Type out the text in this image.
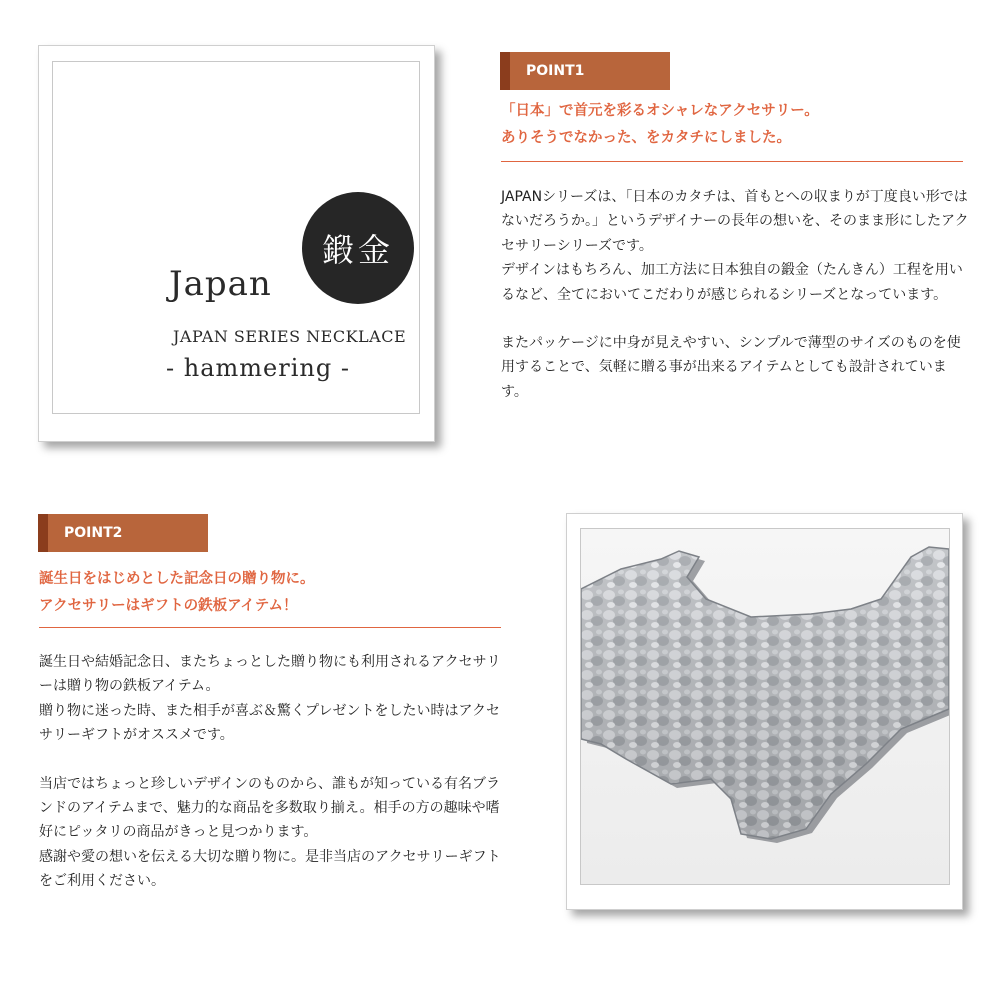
鍛金
Japan
JAPAN SERIES NECKLACE
- hammering -
POINT1
「日本」で首元を彩るオシャレなアクセサリー。
ありそうでなかった、をカタチにしました。

JAPANシリーズは、「日本のカタチは、首もとへの収まりが丁度良い形ではないだろうか。」というデザイナーの長年の想いを、そのまま形にしたアクセサリーシリーズです。
デザインはもちろん、加工方法に日本独自の鍛金（たんきん）工程を用いるなど、全てにおいてこだわりが感じられるシリーズとなっています。

またパッケージに中身が見えやすい、シンプルで薄型のサイズのものを使用することで、気軽に贈る事が出来るアイテムとしても設計されています。

POINT2
誕生日をはじめとした記念日の贈り物に。
アクセサリーはギフトの鉄板アイテム！

誕生日や結婚記念日、またちょっとした贈り物にも利用されるアクセサリーは贈り物の鉄板アイテム。
贈り物に迷った時、また相手が喜ぶ＆驚くプレゼントをしたい時はアクセサリーギフトがオススメです。

当店ではちょっと珍しいデザインのものから、誰もが知っている有名ブランドのアイテムまで、魅力的な商品を多数取り揃え。相手の方の趣味や嗜好にピッタリの商品がきっと見つかります。
感謝や愛の想いを伝える大切な贈り物に。是非当店のアクセサリーギフトをご利用ください。
